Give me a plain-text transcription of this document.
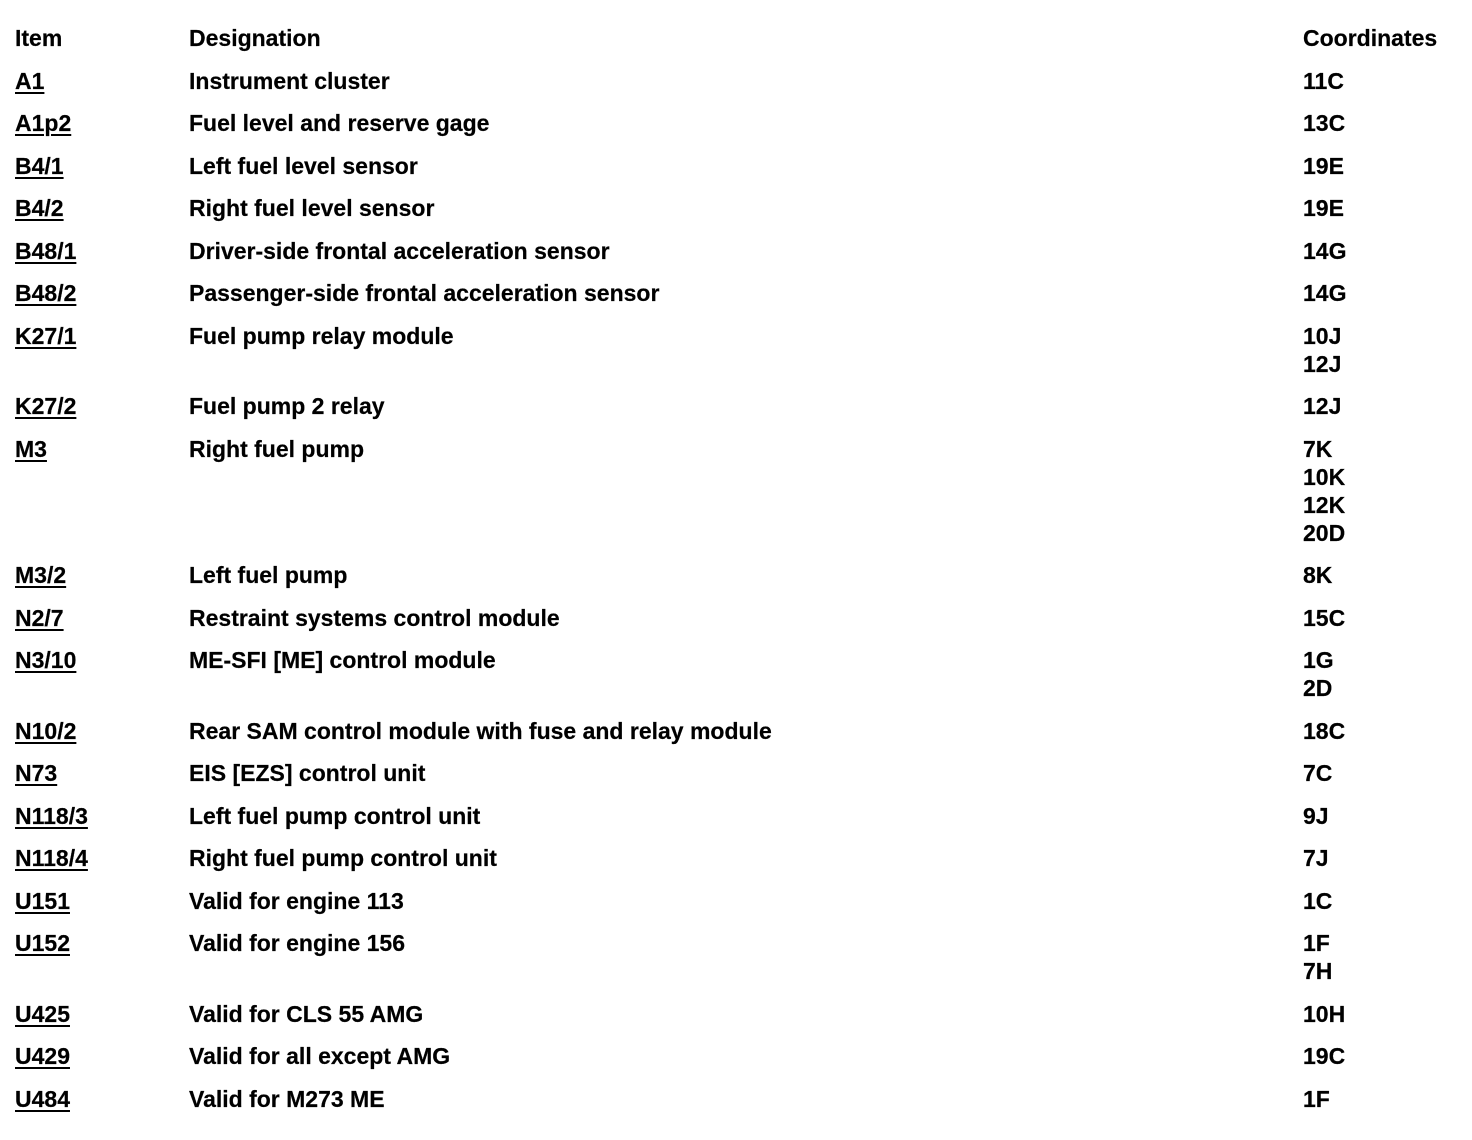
Item	Designation	Coordinates
A1	Instrument cluster	11C
A1p2	Fuel level and reserve gage	13C
B4/1	Left fuel level sensor	19E
B4/2	Right fuel level sensor	19E
B48/1	Driver-side frontal acceleration sensor	14G
B48/2	Passenger-side frontal acceleration sensor	14G
K27/1	Fuel pump relay module	10J
12J
K27/2	Fuel pump 2 relay	12J
M3	Right fuel pump	7K
10K
12K
20D
M3/2	Left fuel pump	8K
N2/7	Restraint systems control module	15C
N3/10	ME-SFI [ME] control module	1G
2D
N10/2	Rear SAM control module with fuse and relay module	18C
N73	EIS [EZS] control unit	7C
N118/3	Left fuel pump control unit	9J
N118/4	Right fuel pump control unit	7J
U151	Valid for engine 113	1C
U152	Valid for engine 156	1F
7H
U425	Valid for CLS 55 AMG	10H
U429	Valid for all except AMG	19C
U484	Valid for M273 ME	1F
